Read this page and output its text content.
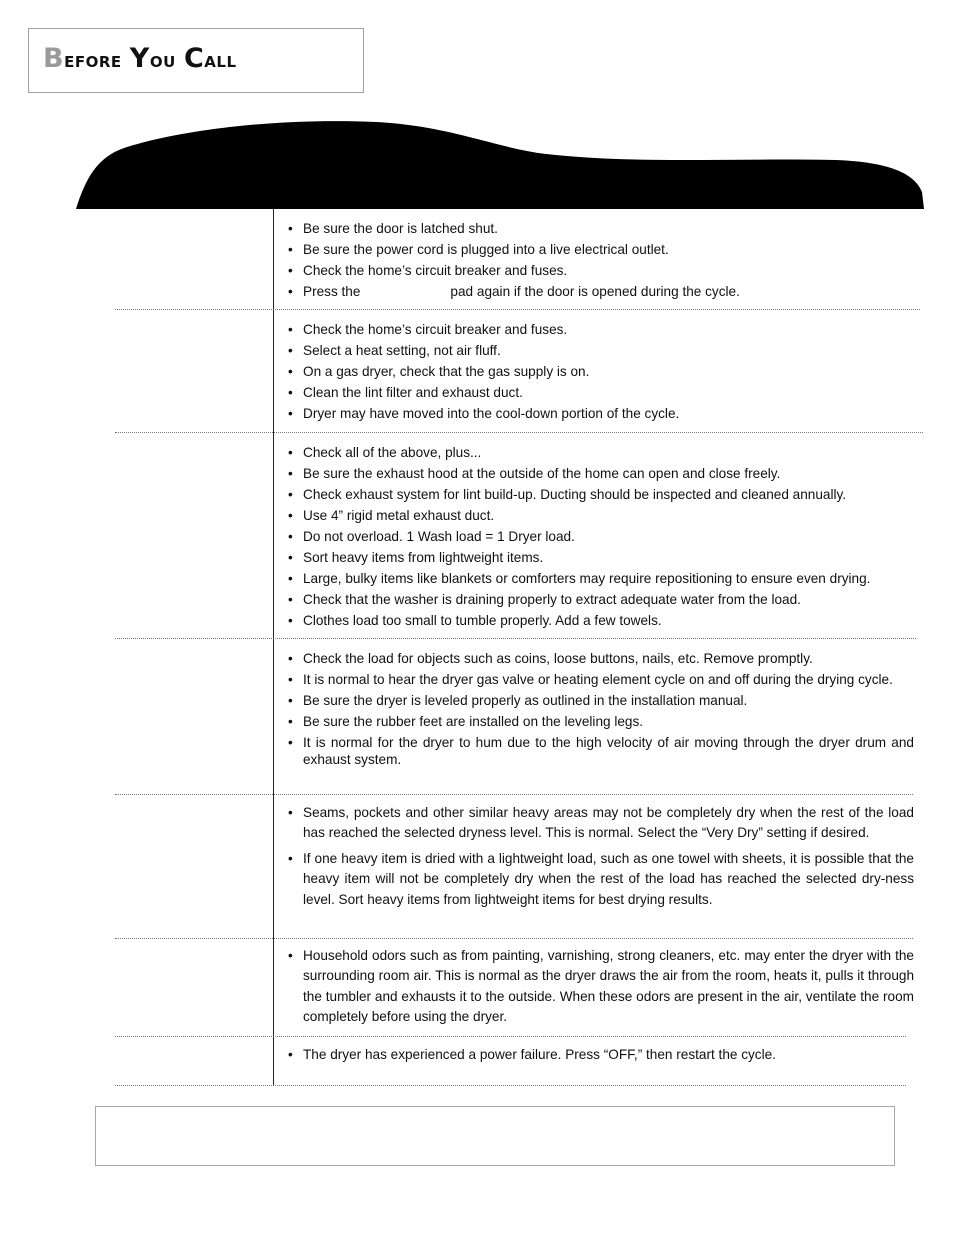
Before You Call
• Be sure the door is latched shut.
• Be sure the power cord is plugged into a live electrical outlet.
• Check the home’s circuit breaker and fuses.
• Press the	pad again if the door is opened during the cycle.
• Check the home’s circuit breaker and fuses.
• Select a heat setting, not air fluff.
• On a gas dryer, check that the gas supply is on.
• Clean the lint filter and exhaust duct.
• Dryer may have moved into the cool-down portion of the cycle.
• Check all of the above, plus...
• Be sure the exhaust hood at the outside of the home can open and close freely.
• Check exhaust system for lint build-up. Ducting should be inspected and cleaned annually.
• Use 4” rigid metal exhaust duct.
• Do not overload. 1 Wash load = 1 Dryer load.
• Sort heavy items from lightweight items.
• Large, bulky items like blankets or comforters may require repositioning to ensure even drying.
• Check that the washer is draining properly to extract adequate water from the load.
• Clothes load too small to tumble properly. Add a few towels.
• Check the load for objects such as coins, loose buttons, nails, etc. Remove promptly.
• It is normal to hear the dryer gas valve or heating element cycle on and off during the drying cycle.
• Be sure the dryer is leveled properly as outlined in the installation manual.
• Be sure the rubber feet are installed on the leveling legs.
• It is normal for the dryer to hum due to the high velocity of air moving through the dryer drum and exhaust system.
• Seams, pockets and other similar heavy areas may not be completely dry when the rest of the load has reached the selected dryness level. This is normal. Select the “Very Dry” setting if desired.
• If one heavy item is dried with a lightweight load, such as one towel with sheets, it is possible that the heavy item will not be completely dry when the rest of the load has reached the selected dry-ness level. Sort heavy items from lightweight items for best drying results.
• Household odors such as from painting, varnishing, strong cleaners, etc. may enter the dryer with the surrounding room air. This is normal as the dryer draws the air from the room, heats it, pulls it through the tumbler and exhausts it to the outside. When these odors are present in the air, ventilate the room completely before using the dryer.
• The dryer has experienced a power failure. Press “OFF,” then restart the cycle.
